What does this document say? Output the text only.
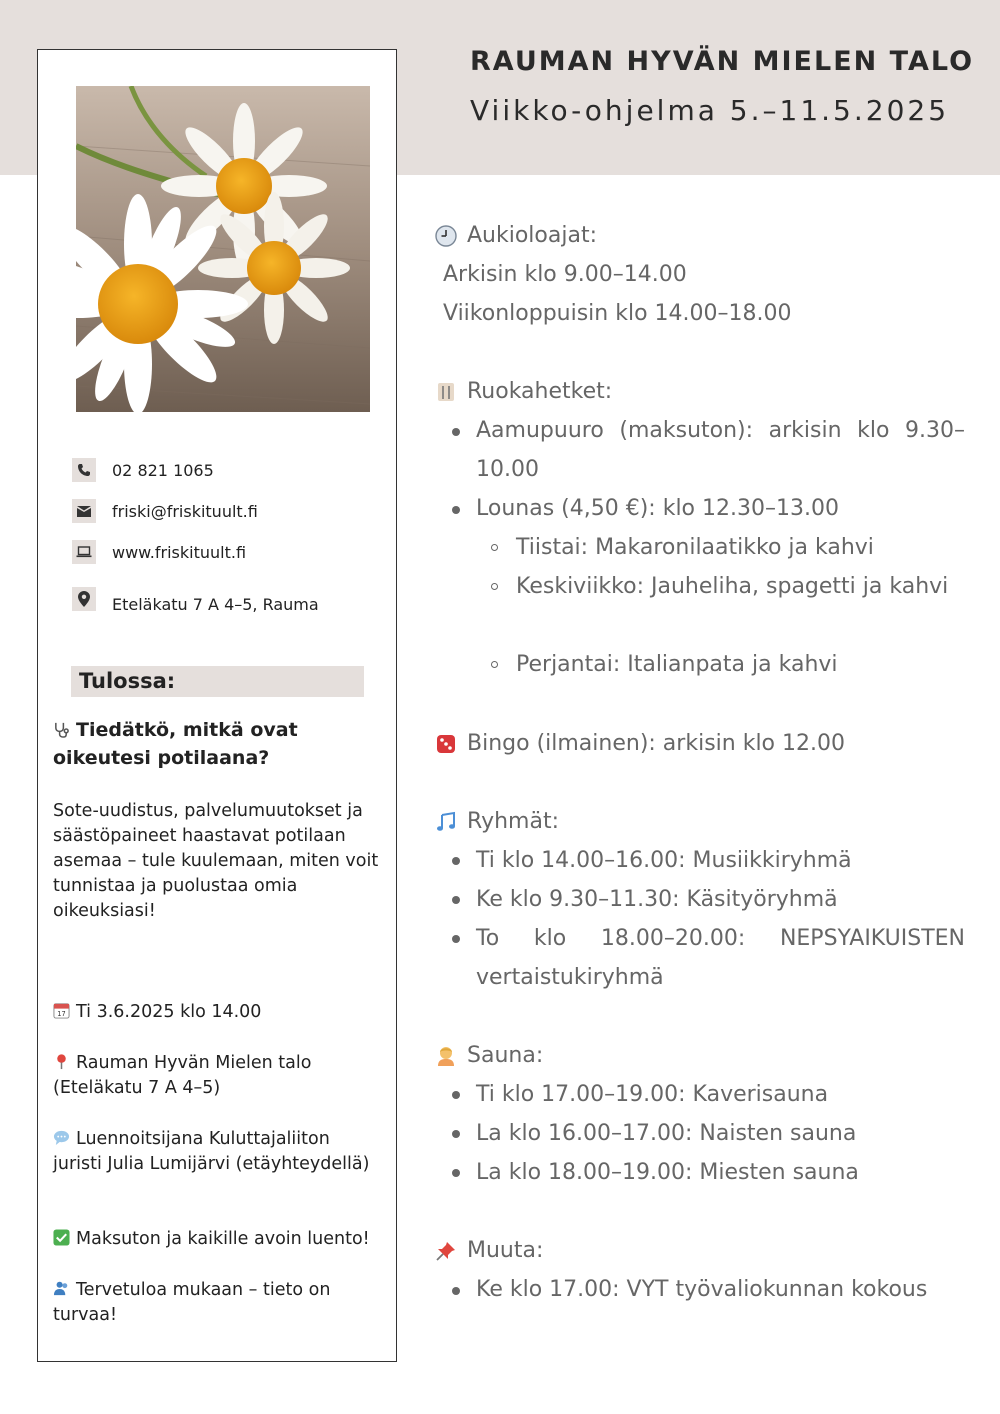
02 821 1065
friski@friskituult.fi
www.friskituult.fi
Eteläkatu 7 A 4–5, Rauma
Tulossa:
Tiedätkö, mitkä ovat oikeutesi potilaana?
Sote-uudistus, palvelumuutokset ja säästöpaineet haastavat potilaan asemaa – tule kuulemaan, miten voit tunnistaa ja puolustaa omia oikeuksiasi!
17 Ti 3.6.2025 klo 14.00
Rauman Hyvän Mielen talo (Eteläkatu 7 A 4–5)
Luennoitsijana Kuluttajaliiton juristi Julia Lumijärvi (etäyhteydellä)
Maksuton ja kaikille avoin luento!
Tervetuloa mukaan – tieto on turvaa!
RAUMAN HYVÄN MIELEN TALO
Viikko-ohjelma 5.–11.5.2025
Aukioloajat:
Arkisin klo 9.00–14.00
Viikonloppuisin klo 14.00–18.00
Ruokahetket:
Aamupuuro (maksuton): arkisin klo 9.30–10.00
Lounas (4,50 €): klo 12.30–13.00
Tiistai: Makaronilaatikko ja kahvi
Keskiviikko: Jauheliha, spagetti ja kahvi
Perjantai: Italianpata ja kahvi
Bingo (ilmainen): arkisin klo 12.00
Ryhmät:
Ti klo 14.00–16.00: Musiikkiryhmä
Ke klo 9.30–11.30: Käsityöryhmä
To klo 18.00–20.00: NEPSYAIKUISTEN vertaistukiryhmä
Sauna:
Ti klo 17.00–19.00: Kaverisauna
La klo 16.00–17.00: Naisten sauna
La klo 18.00–19.00: Miesten sauna
Muuta:
Ke klo 17.00: VYT työvaliokunnan kokous
